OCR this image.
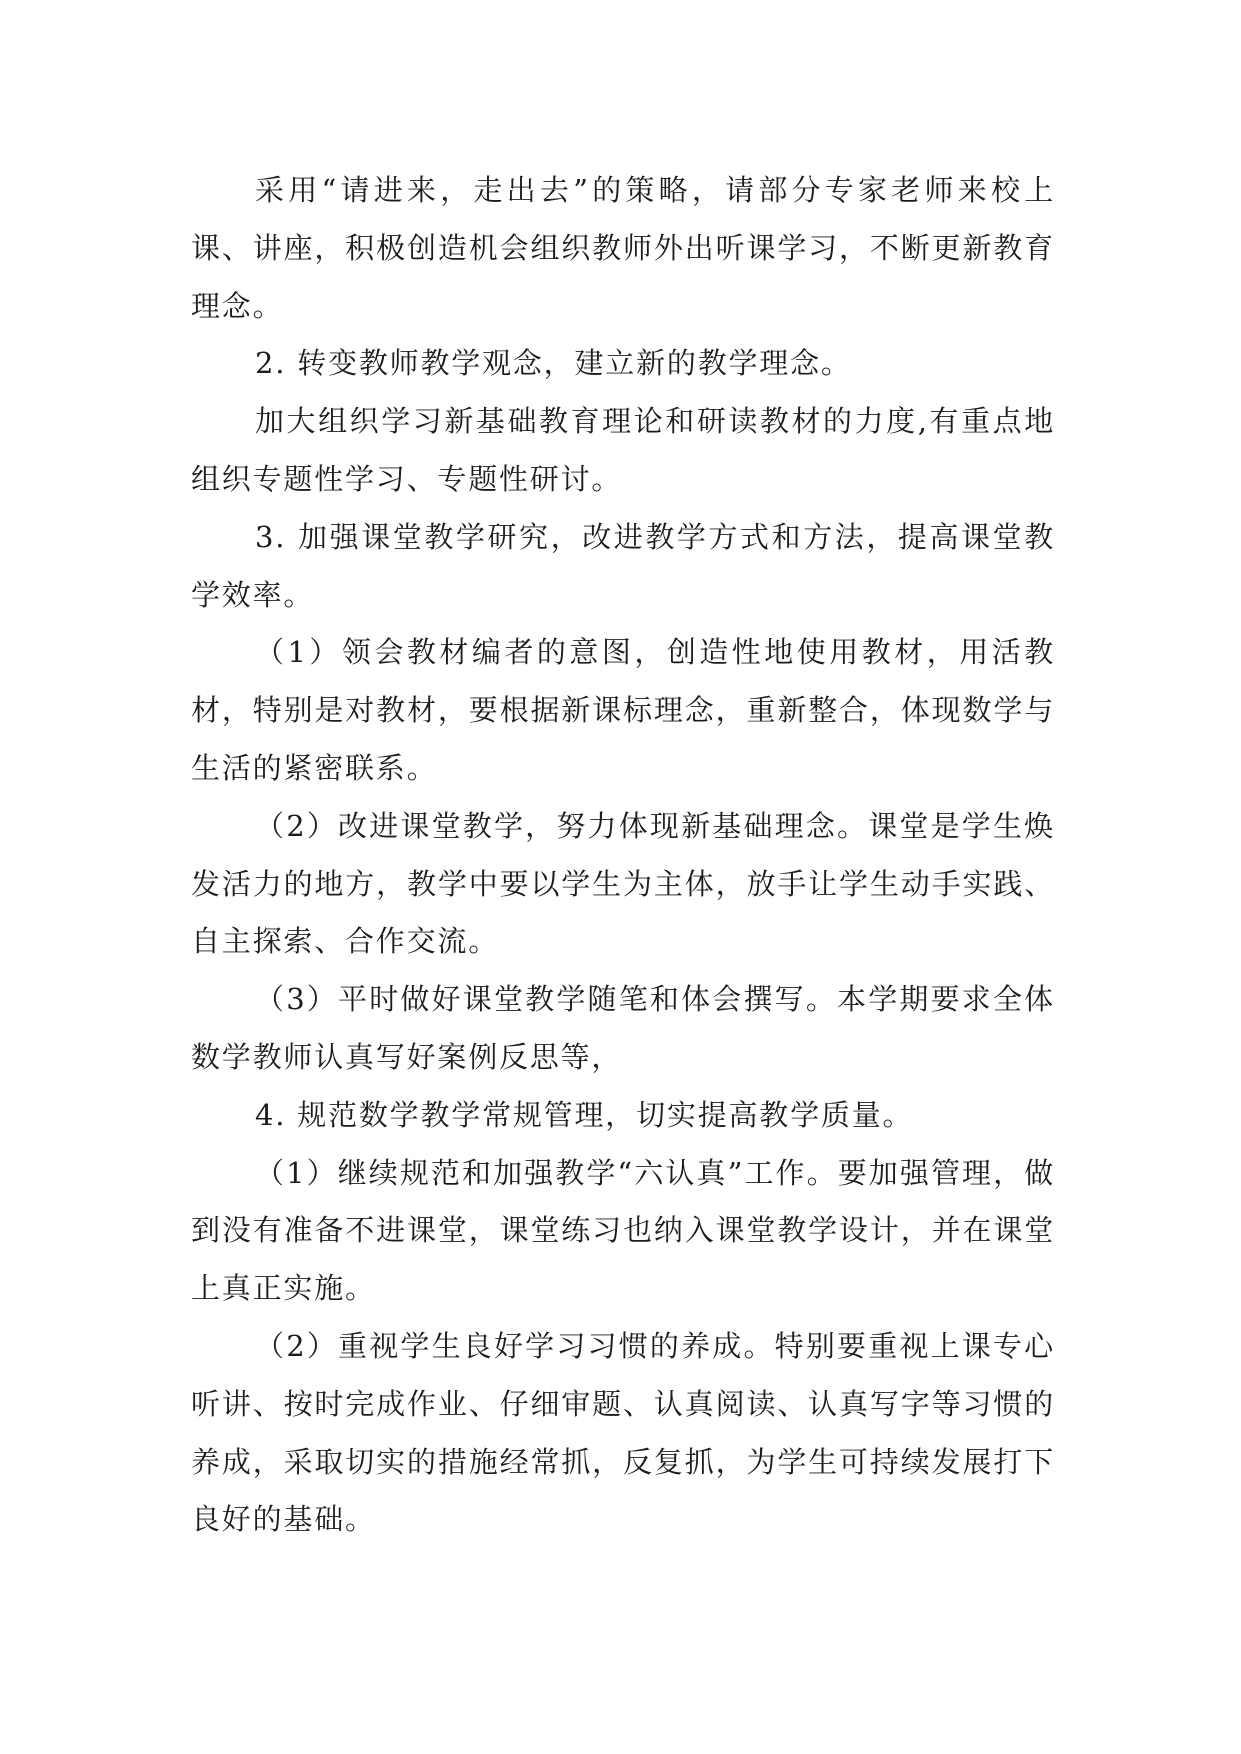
采用“请进来，走出去”的策略，请部分专家老师来校上课、讲座，积极创造机会组织教师外出听课学习，不断更新教育理念。

2. 转变教师教学观念，建立新的教学理念。

加大组织学习新基础教育理论和研读教材的力度,有重点地组织专题性学习、专题性研讨。

3. 加强课堂教学研究，改进教学方式和方法，提高课堂教学效率。

（1）领会教材编者的意图，创造性地使用教材，用活教材，特别是对教材，要根据新课标理念，重新整合，体现数学与生活的紧密联系。

（2）改进课堂教学，努力体现新基础理念。课堂是学生焕发活力的地方，教学中要以学生为主体，放手让学生动手实践、自主探索、合作交流。

（3）平时做好课堂教学随笔和体会撰写。本学期要求全体数学教师认真写好案例反思等，

4. 规范数学教学常规管理，切实提高教学质量。

（1）继续规范和加强教学“六认真”工作。要加强管理，做到没有准备不进课堂，课堂练习也纳入课堂教学设计，并在课堂上真正实施。

（2）重视学生良好学习习惯的养成。特别要重视上课专心听讲、按时完成作业、仔细审题、认真阅读、认真写字等习惯的养成，采取切实的措施经常抓，反复抓，为学生可持续发展打下良好的基础。
